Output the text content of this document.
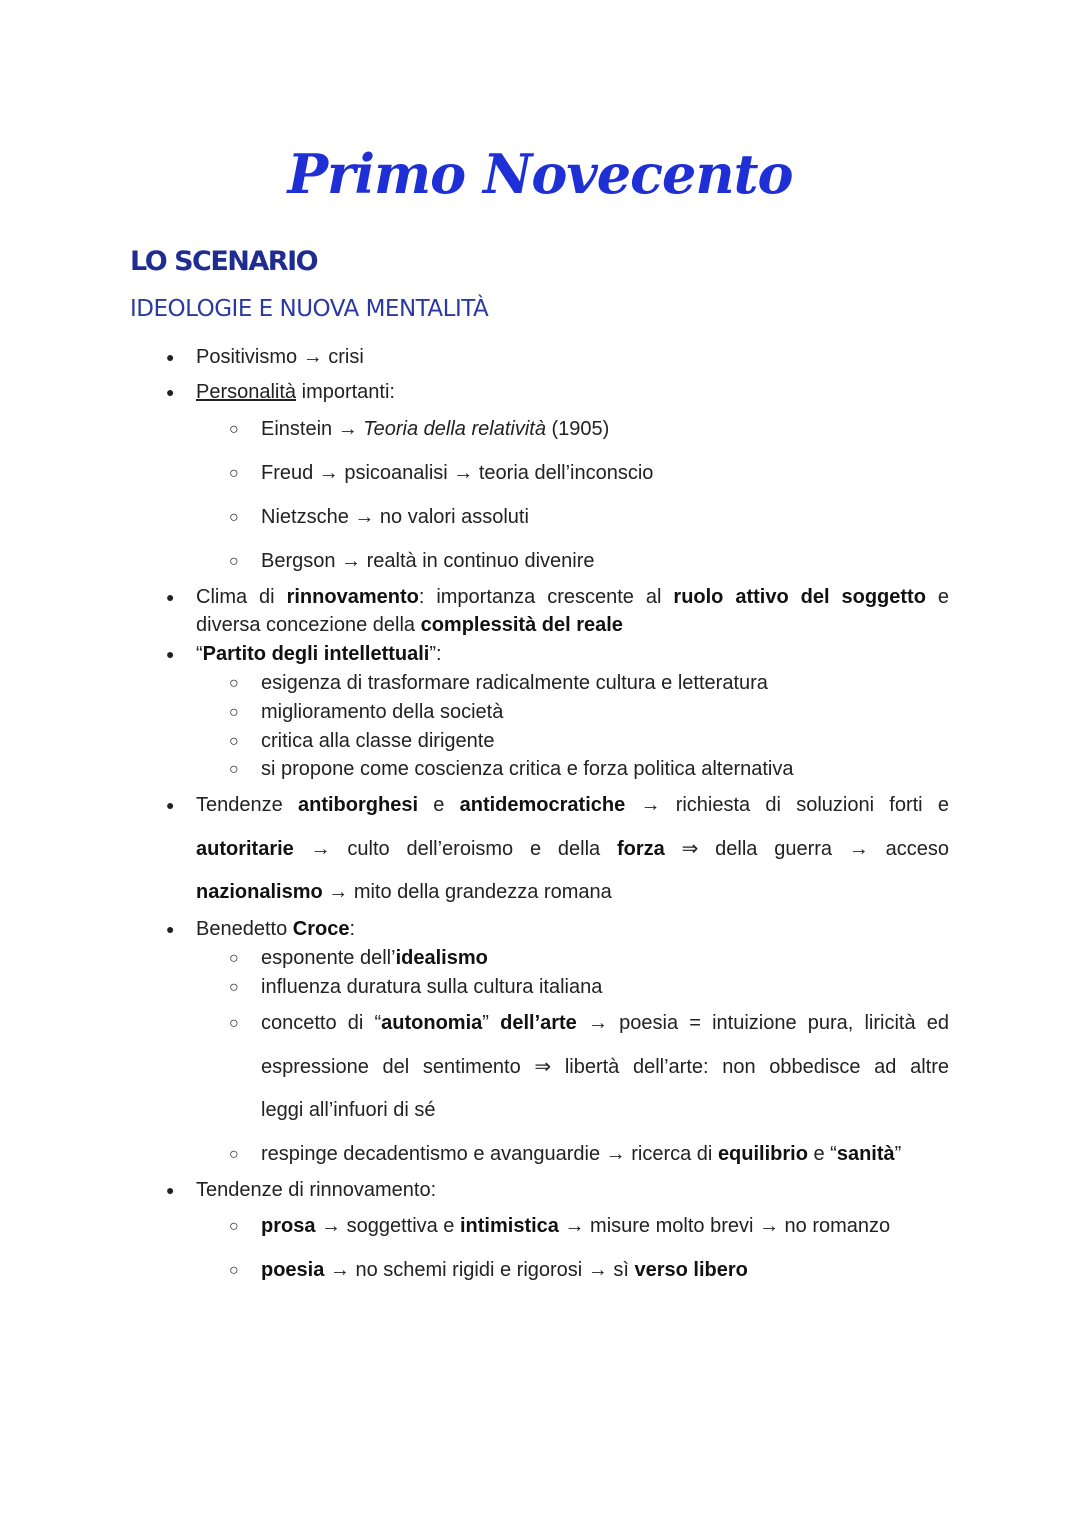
Primo Novecento
LO SCENARIO
IDEOLOGIE E NUOVA MENTALITÀ
● Positivismo → crisi
● Personalità importanti:
○ Einstein → Teoria della relatività (1905)
○ Freud → psicoanalisi → teoria dell’inconscio
○ Nietzsche → no valori assoluti
○ Bergson → realtà in continuo divenire
● Clima di rinnovamento: importanza crescente al ruolo attivo del soggetto e
diversa concezione della complessità del reale
● “Partito degli intellettuali”:
○ esigenza di trasformare radicalmente cultura e letteratura
○ miglioramento della società
○ critica alla classe dirigente
○ si propone come coscienza critica e forza politica alternativa
● Tendenze antiborghesi e antidemocratiche → richiesta di soluzioni forti e
autoritarie → culto dell’eroismo e della forza ⇒ della guerra → acceso
nazionalismo → mito della grandezza romana
● Benedetto Croce:
○ esponente dell’idealismo
○ influenza duratura sulla cultura italiana
○ concetto di “autonomia” dell’arte → poesia = intuizione pura, liricità ed
espressione del sentimento ⇒ libertà dell’arte: non obbedisce ad altre
leggi all’infuori di sé
○ respinge decadentismo e avanguardie → ricerca di equilibrio e “sanità”
● Tendenze di rinnovamento:
○ prosa → soggettiva e intimistica → misure molto brevi → no romanzo
○ poesia → no schemi rigidi e rigorosi → sì verso libero
